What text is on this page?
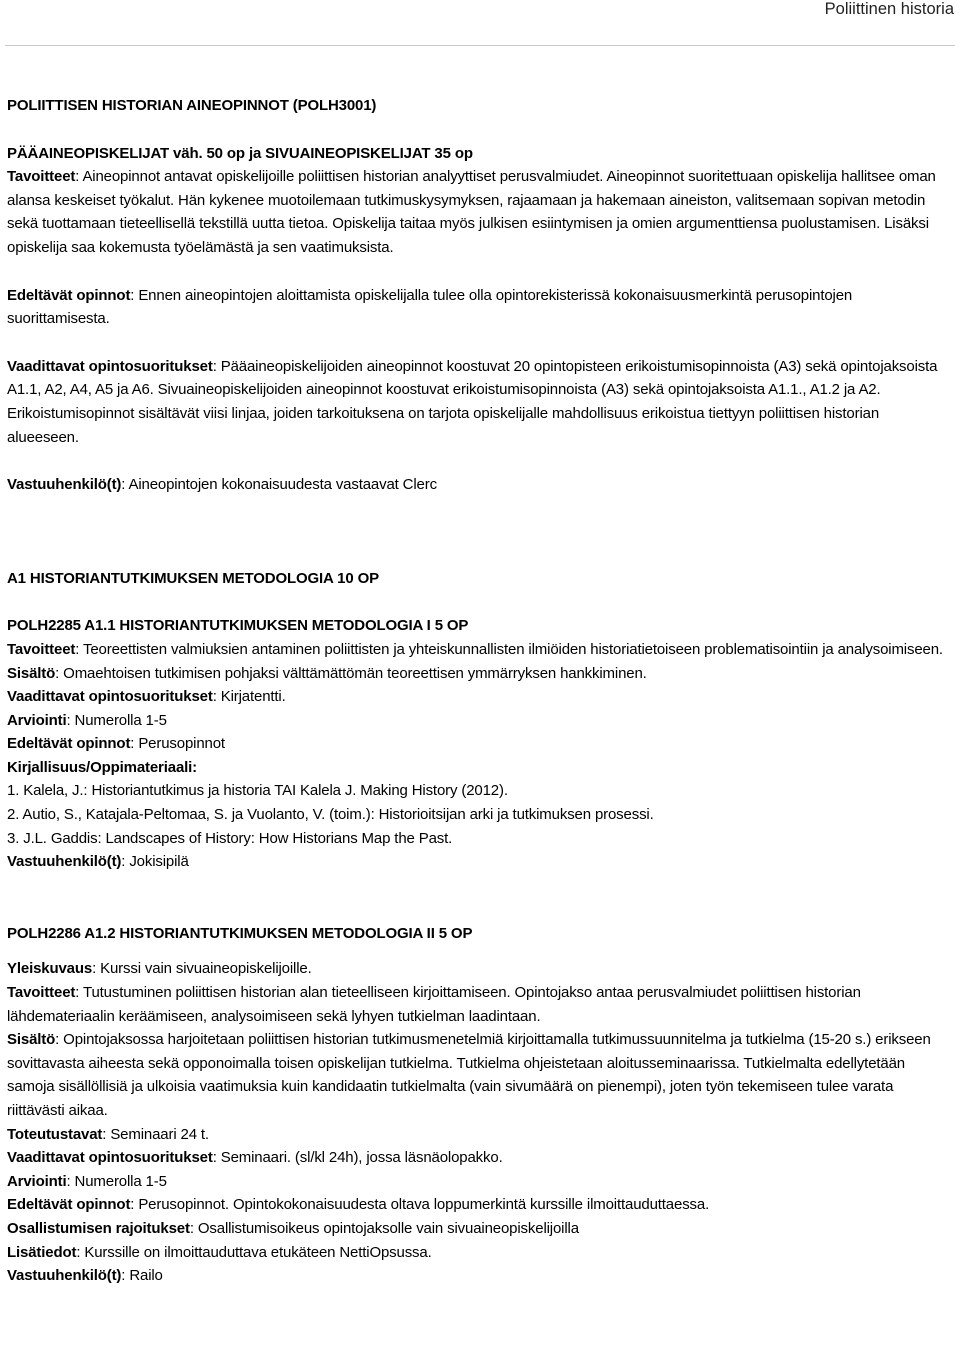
Poliittinen historia

POLIITTISEN HISTORIAN AINEOPINNOT (POLH3001)

PÄÄAINEOPISKELIJAT väh. 50 op ja SIVUAINEOPISKELIJAT 35 op

Tavoitteet: Aineopinnot antavat opiskelijoille poliittisen historian analyyttiset perusvalmiudet. Aineopinnot suoritettuaan opiskelija hallitsee oman alansa keskeiset työkalut. Hän kykenee muotoilemaan tutkimuskysymyksen, rajaamaan ja hakemaan aineiston, valitsemaan sopivan metodin sekä tuottamaan tieteellisellä tekstillä uutta tietoa. Opiskelija taitaa myös julkisen esiintymisen ja omien argumenttiensa puolustamisen. Lisäksi opiskelija saa kokemusta työelämästä ja sen vaatimuksista.

Edeltävät opinnot: Ennen aineopintojen aloittamista opiskelijalla tulee olla opintorekisterissä kokonaisuusmerkintä perusopintojen suorittamisesta.

Vaadittavat opintosuoritukset: Pääaineopiskelijoiden aineopinnot koostuvat 20 opintopisteen erikoistumisopinnoista (A3) sekä opintojaksoista A1.1, A2, A4, A5 ja A6. Sivuaineopiskelijoiden aineopinnot koostuvat erikoistumisopinnoista (A3) sekä opintojaksoista A1.1., A1.2 ja A2. Erikoistumisopinnot sisältävät viisi linjaa, joiden tarkoituksena on tarjota opiskelijalle mahdollisuus erikoistua tiettyyn poliittisen historian alueeseen.

Vastuuhenkilö(t): Aineopintojen kokonaisuudesta vastaavat Clerc

A1 HISTORIANTUTKIMUKSEN METODOLOGIA 10 OP

POLH2285 A1.1 HISTORIANTUTKIMUKSEN METODOLOGIA I 5 OP

Tavoitteet: Teoreettisten valmiuksien antaminen poliittisten ja yhteiskunnallisten ilmiöiden historiatietoiseen problematisointiin ja analysoimiseen.

Sisältö: Omaehtoisen tutkimisen pohjaksi välttämättömän teoreettisen ymmärryksen hankkiminen.

Vaadittavat opintosuoritukset: Kirjatentti.

Arviointi: Numerolla 1-5

Edeltävät opinnot: Perusopinnot

Kirjallisuus/Oppimateriaali:

1. Kalela, J.: Historiantutkimus ja historia TAI Kalela J. Making History (2012).

2. Autio, S., Katajala-Peltomaa, S. ja Vuolanto, V. (toim.): Historioitsijan arki ja tutkimuksen prosessi.

3. J.L. Gaddis: Landscapes of History: How Historians Map the Past.

Vastuuhenkilö(t): Jokisipilä

POLH2286 A1.2 HISTORIANTUTKIMUKSEN METODOLOGIA II 5 OP

Yleiskuvaus: Kurssi vain sivuaineopiskelijoille.

Tavoitteet: Tutustuminen poliittisen historian alan tieteelliseen kirjoittamiseen. Opintojakso antaa perusvalmiudet poliittisen historian lähdemateriaalin keräämiseen, analysoimiseen sekä lyhyen tutkielman laadintaan.

Sisältö: Opintojaksossa harjoitetaan poliittisen historian tutkimusmenetelmiä kirjoittamalla tutkimussuunnitelma ja tutkielma (15-20 s.) erikseen sovittavasta aiheesta sekä opponoimalla toisen opiskelijan tutkielma. Tutkielma ohjeistetaan aloitusseminaarissa. Tutkielmalta edellytetään samoja sisällöllisiä ja ulkoisia vaatimuksia kuin kandidaatin tutkielmalta (vain sivumäärä on pienempi), joten työn tekemiseen tulee varata riittävästi aikaa.

Toteutustavat: Seminaari 24 t.

Vaadittavat opintosuoritukset: Seminaari. (sl/kl 24h), jossa läsnäolopakko.

Arviointi: Numerolla 1-5

Edeltävät opinnot: Perusopinnot. Opintokokonaisuudesta oltava loppumerkintä kurssille ilmoittauduttaessa.

Osallistumisen rajoitukset: Osallistumisoikeus opintojaksolle vain sivuaineopiskelijoilla

Lisätiedot: Kurssille on ilmoittauduttava etukäteen NettiOpsussa.

Vastuuhenkilö(t): Railo
